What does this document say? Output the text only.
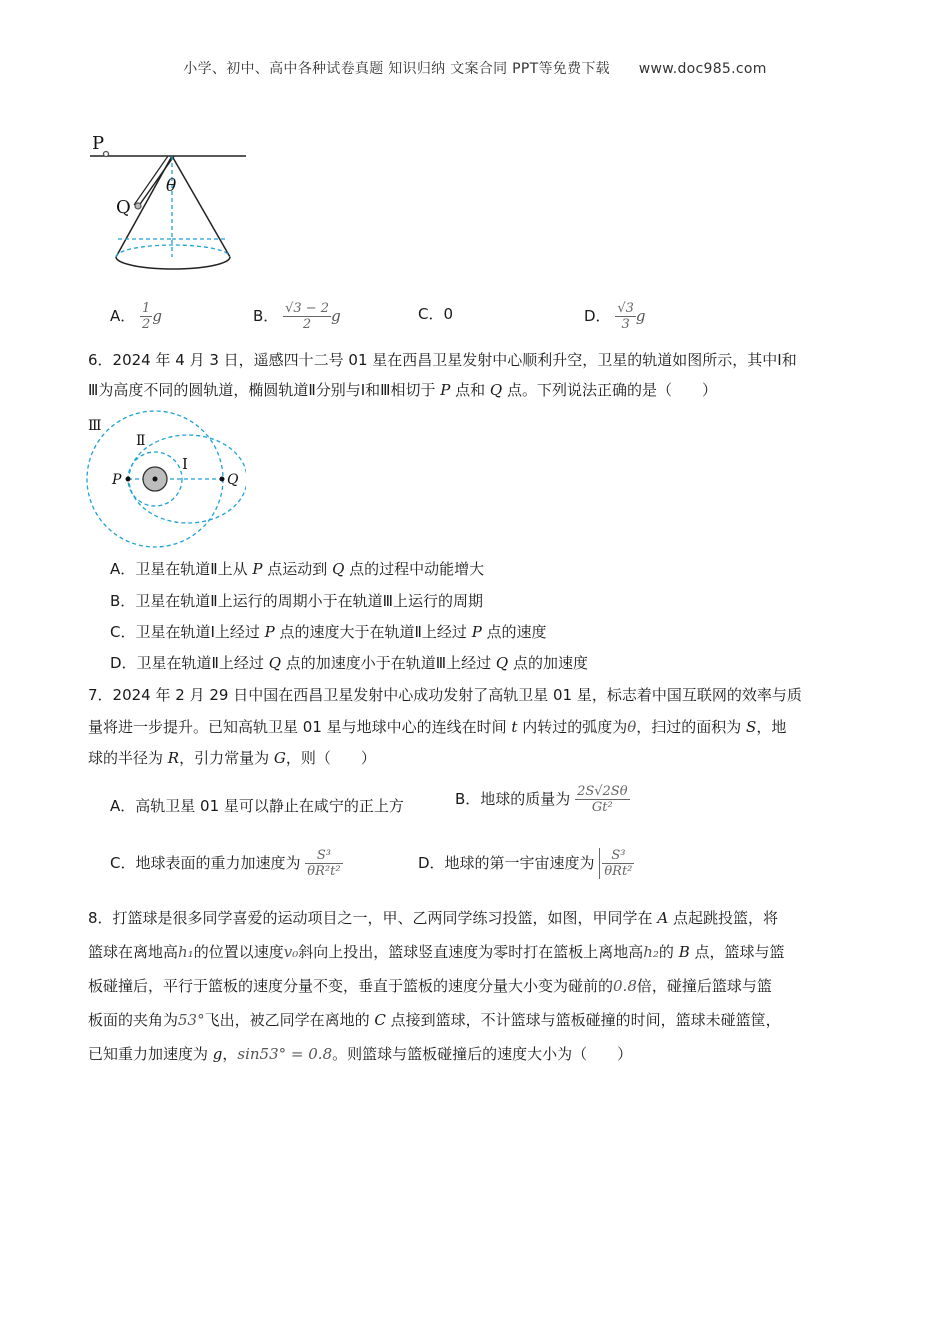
小学、初中、高中各种试卷真题 知识归纳 文案合同 PPT等免费下载 www.doc985.com
P
Q
θ
A． $\frac{1}{2}$ g	B． $\frac{√3 - 2}{2}$ g	C．0	D． $\frac{√3}{3}$ g
6．2024 年 4 月 3 日，遥感四十二号 01 星在西昌卫星发射中心顺利升空，卫星的轨道如图所示，其中Ⅰ和
Ⅲ为高度不同的圆轨道，椭圆轨道Ⅱ分别与Ⅰ和Ⅲ相切于 P 点和 Q 点。下列说法正确的是（　　）
Ⅲ
Ⅱ
I
P	Q
A．卫星在轨道Ⅱ上从 P 点运动到 Q 点的过程中动能增大
B．卫星在轨道Ⅱ上运行的周期小于在轨道Ⅲ上运行的周期
C．卫星在轨道Ⅰ上经过 P 点的速度大于在轨道Ⅱ上经过 P 点的速度
D．卫星在轨道Ⅱ上经过 Q 点的加速度小于在轨道Ⅲ上经过 Q 点的加速度
7．2024 年 2 月 29 日中国在西昌卫星发射中心成功发射了高轨卫星 01 星，标志着中国互联网的效率与质
量将进一步提升。已知高轨卫星 01 星与地球中心的连线在时间 t 内转过的弧度为θ，扫过的面积为 S，地
球的半径为 R，引力常量为 G，则（　　）
A．高轨卫星 01 星可以静止在咸宁的正上方	B．地球的质量为 $\frac{2S√2S\theta}{\text{Gt²}}$
C．地球表面的重力加速度为 $\frac{\text{S³}}{\text{θR²t²}}$	D．地球的第一宇宙速度为 $\frac{\text{S³}}{\text{θRt²}}$
8．打篮球是很多同学喜爱的运动项目之一，甲、乙两同学练习投篮，如图，甲同学在 A 点起跳投篮，将
篮球在离地高h₁的位置以速度v₀斜向上投出，篮球竖直速度为零时打在篮板上离地高h₂的 B 点，篮球与篮
板碰撞后，平行于篮板的速度分量不变，垂直于篮板的速度分量大小变为碰前的0.8倍，碰撞后篮球与篮
板面的夹角为53°飞出，被乙同学在离地的 C 点接到篮球，不计篮球与篮板碰撞的时间，篮球未碰篮筐，
已知重力加速度为 g，sin53° = 0.8。则篮球与篮板碰撞后的速度大小为（　　）
